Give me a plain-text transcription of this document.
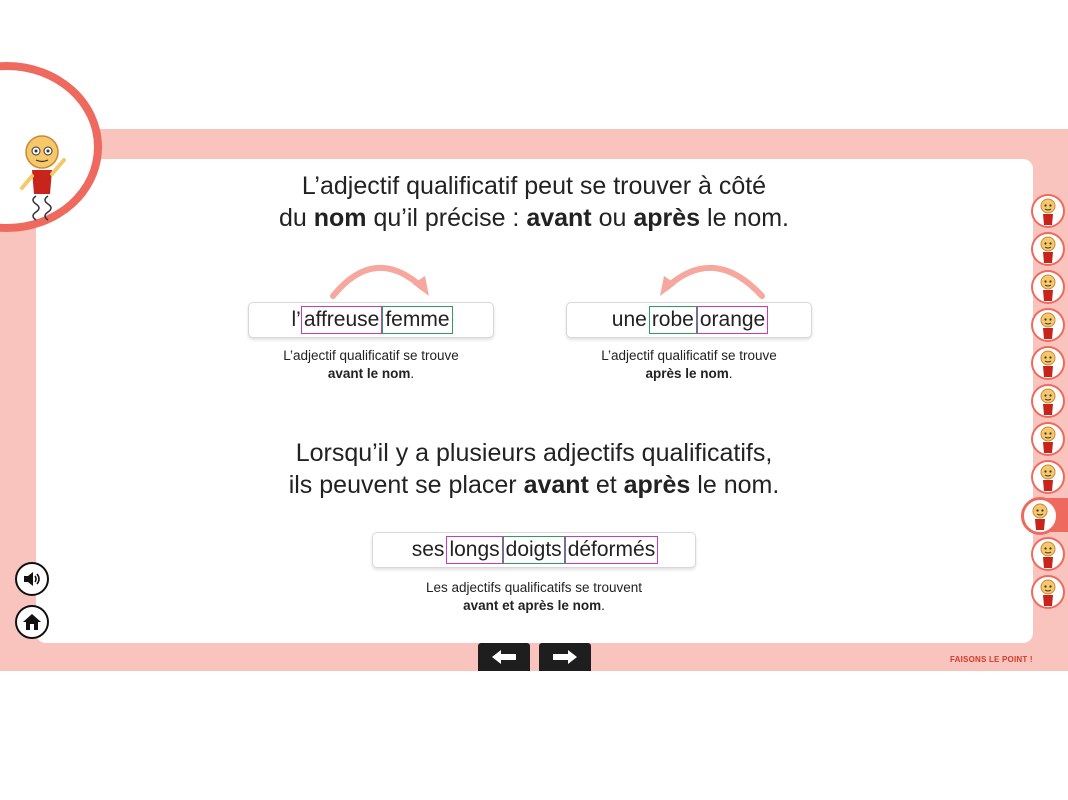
L’adjectif qualificatif peut se trouver à côté
du nom qu’il précise : avant ou après le nom.
l’ affreuse femme
L’adjectif qualificatif se trouve
avant le nom.
une robe orange
L’adjectif qualificatif se trouve
après le nom.
Lorsqu’il y a plusieurs adjectifs qualificatifs,
ils peuvent se placer avant et après le nom.
ses longs doigts déformés
Les adjectifs qualificatifs se trouvent
avant et après le nom.
FAISONS LE POINT !
